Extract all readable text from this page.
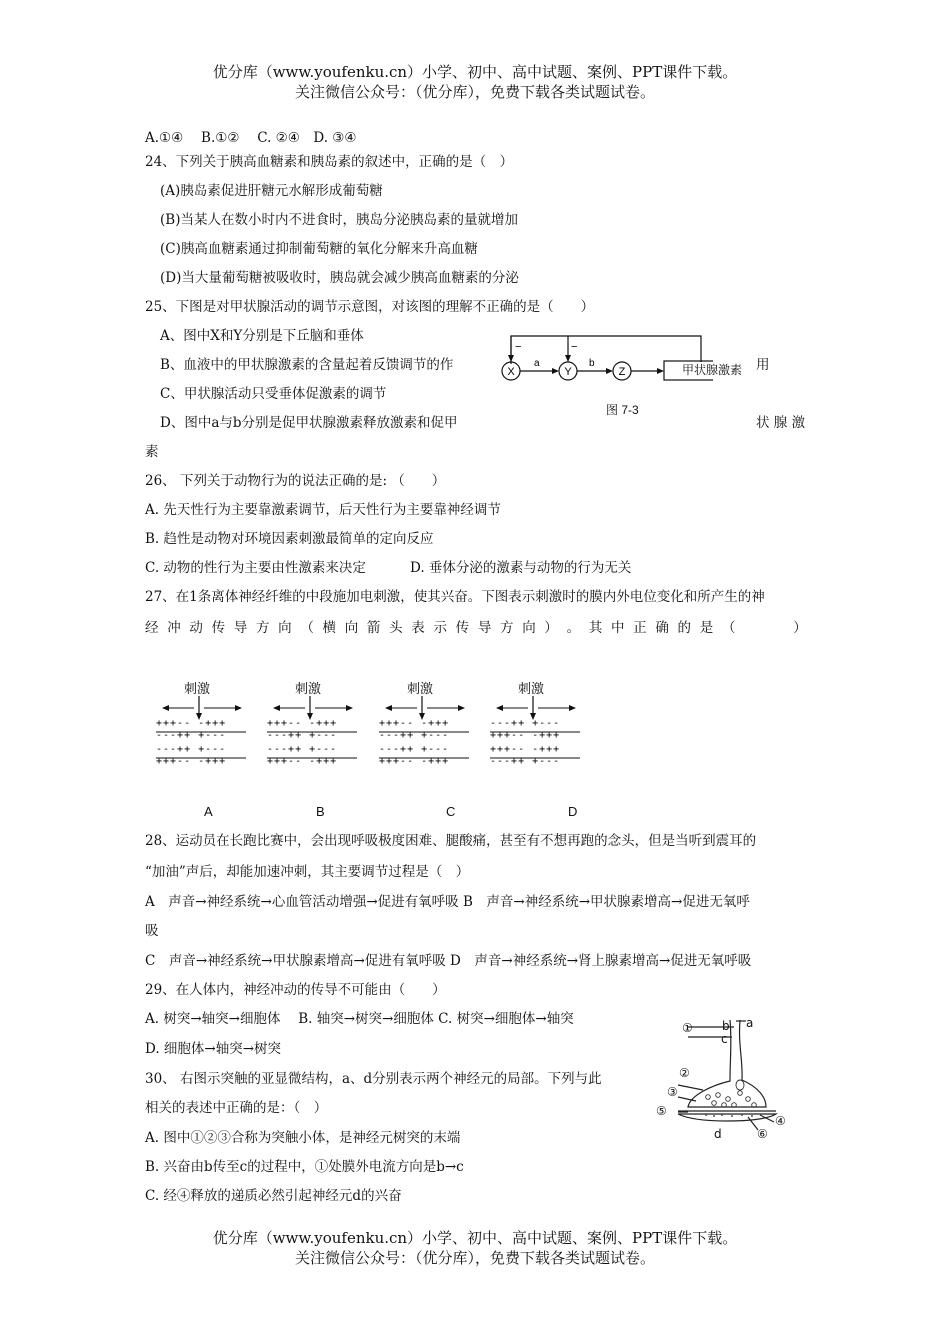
优分库（www.youfenku.cn）小学、初中、高中试题、案例、PPT课件下载。
关注微信公众号：（优分库），免费下载各类试题试卷。
A.①④　 B.①②　 C. ②④　D. ③④
24、下列关于胰高血糖素和胰岛素的叙述中，正确的是（　）
(A)胰岛素促进肝糖元水解形成葡萄糖
(B)当某人在数小时内不进食时，胰岛分泌胰岛素的量就增加
(C)胰高血糖素通过抑制葡萄糖的氧化分解来升高血糖
(D)当大量葡萄糖被吸收时，胰岛就会减少胰高血糖素的分泌
25、下图是对甲状腺活动的调节示意图，对该图的理解不正确的是（　　）
A、图中X和Y分别是下丘脑和垂体
B、血液中的甲状腺激素的含量起着反馈调节的作	用
C、甲状腺活动只受垂体促激素的调节
D、图中a与b分别是促甲状腺激素释放激素和促甲	状 腺 激
素
X	Y	Z
a	b
−	−
甲状腺激素
图 7-3
26、 下列关于动物行为的说法正确的是: （　　）
A. 先天性行为主要靠激素调节，后天性行为主要靠神经调节
B. 趋性是动物对环境因素刺激最简单的定向反应
C. 动物的性行为主要由性激素来决定	D. 垂体分泌的激素与动物的行为无关
27、在1条离体神经纤维的中段施加电刺激，使其兴奋。下图表示刺激时的膜内外电位变化和所产生的神
经 冲 动 传 导 方 向 （ 横 向 箭 头 表 示 传 导 方 向 ） 。 其 中 正 确 的 是 （
　　　	）
刺激
+++-- -+++
---++ +---
---++ +---
+++-- -+++
A
刺激
+++-- -+++
---++ +---
---++ +---
+++-- -+++
B
刺激
+++-- -+++
---++ +---
---++ +---
+++-- -+++
C
刺激
---++ +---
+++-- -+++
+++-- -+++
---++ +---
D
28、运动员在长跑比赛中，会出现呼吸极度困难、腿酸痛，甚至有不想再跑的念头，但是当听到震耳的
“加油”声后，却能加速冲刺，其主要调节过程是（　）
A　声音→神经系统→心血管活动增强→促进有氧呼吸 B　声音→神经系统→甲状腺素增高→促进无氧呼
吸
C　声音→神经系统→甲状腺素增高→促进有氧呼吸 D　声音→神经系统→肾上腺素增高→促进无氧呼吸
29、在人体内，神经冲动的传导不可能由（　　）
A. 树突→轴突→细胞体　 B. 轴突→树突→细胞体 C. 树突→细胞体→轴突
D. 细胞体→轴突→树突
30、 右图示突触的亚显微结构，a、d分别表示两个神经元的局部。下列与此
相关的表述中正确的是：（　）
A. 图中①②③合称为突触小体，是神经元树突的末端
B. 兴奋由b传至c的过程中，①处膜外电流方向是b→c
C. 经④释放的递质必然引起神经元d的兴奋
①
②
③
④
⑤
⑥
a
b
c
d
优分库（www.youfenku.cn）小学、初中、高中试题、案例、PPT课件下载。
关注微信公众号：（优分库），免费下载各类试题试卷。
